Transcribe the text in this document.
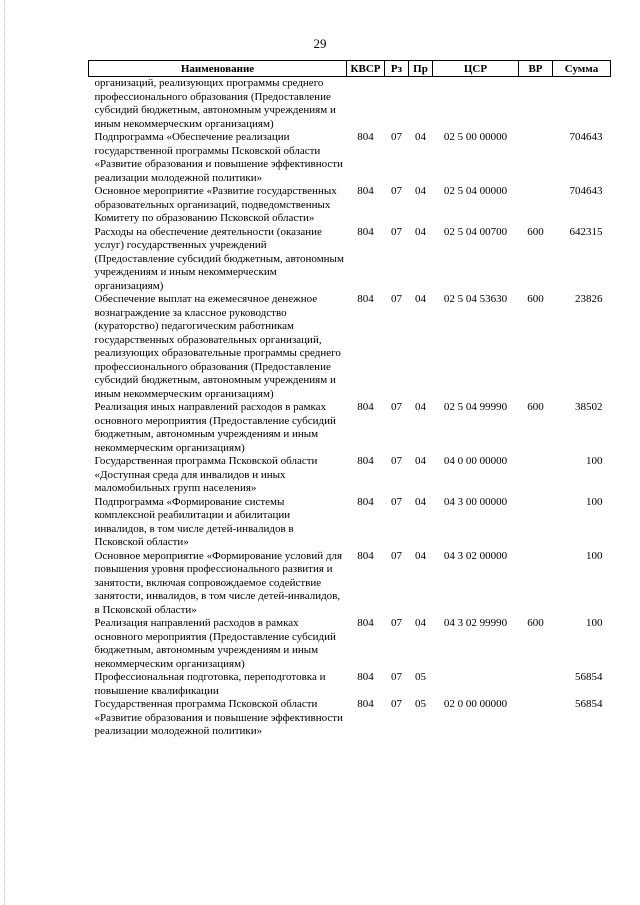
29
Наименование	КВСР	Рз	Пр	ЦСР	ВР	Сумма
организаций, реализующих программы среднего профессионального образования (Предоставление субсидий бюджетным, автономным учреждениям и иным некоммерческим организациям)						
Подпрограмма «Обеспечение реализации государственной программы Псковской области «Развитие образования и повышение эффективности реализации молодежной политики»	804	07	04	02 5 00 00000		704643
Основное мероприятие «Развитие государственных образовательных организаций, подведомственных Комитету по образованию Псковской области»	804	07	04	02 5 04 00000		704643
Расходы на обеспечение деятельности (оказание услуг) государственных учреждений (Предоставление субсидий бюджетным, автономным учреждениям и иным некоммерческим организациям)	804	07	04	02 5 04 00700	600	642315
Обеспечение выплат на ежемесячное денежное вознаграждение за классное руководство (кураторство) педагогическим работникам государственных образовательных организаций, реализующих образовательные программы среднего профессионального образования (Предоставление субсидий бюджетным, автономным учреждениям и иным некоммерческим организациям)	804	07	04	02 5 04 53630	600	23826
Реализация иных направлений расходов в рамках основного мероприятия (Предоставление субсидий бюджетным, автономным учреждениям и иным некоммерческим организациям)	804	07	04	02 5 04 99990	600	38502
Государственная программа Псковской области «Доступная среда для инвалидов и иных маломобильных групп населения»	804	07	04	04 0 00 00000		100
Подпрограмма «Формирование системы комплексной реабилитации и абилитации инвалидов, в том числе детей-инвалидов в Псковской области»	804	07	04	04 3 00 00000		100
Основное мероприятие «Формирование условий для повышения уровня профессионального развития и занятости, включая сопровождаемое содействие занятости, инвалидов, в том числе детей-инвалидов, в Псковской области»	804	07	04	04 3 02 00000		100
Реализация направлений расходов в рамках основного мероприятия (Предоставление субсидий бюджетным, автономным учреждениям и иным некоммерческим организациям)	804	07	04	04 3 02 99990	600	100
Профессиональная подготовка, переподготовка и повышение квалификации	804	07	05			56854
Государственная программа Псковской области «Развитие образования и повышение эффективности реализации молодежной политики»	804	07	05	02 0 00 00000		56854
